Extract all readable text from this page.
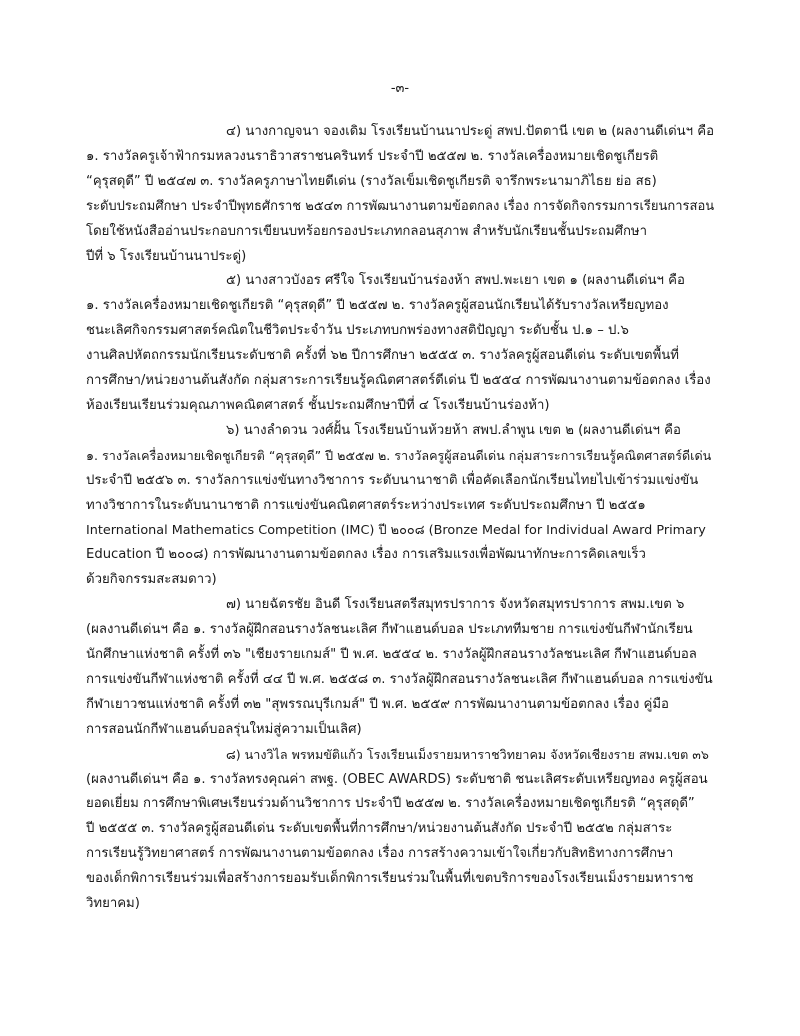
-๓-
๔) นางกาญจนา จองเดิม โรงเรียนบ้านนาประดู่ สพป.ปัตตานี เขต ๒ (ผลงานดีเด่นฯ คือ
๑. รางวัลครูเจ้าฟ้ากรมหลวงนราธิวาสราชนครินทร์ ประจำปี ๒๕๕๗ ๒. รางวัลเครื่องหมายเชิดชูเกียรติ
“คุรุสดุดี” ปี ๒๕๔๗ ๓. รางวัลครูภาษาไทยดีเด่น (รางวัลเข็มเชิดชูเกียรติ จารึกพระนามาภิไธย ย่อ สธ)
ระดับประถมศึกษา ประจำปีพุทธศักราช ๒๕๔๓ การพัฒนางานตามข้อตกลง เรื่อง การจัดกิจกรรมการเรียนการสอน
โดยใช้หนังสืออ่านประกอบการเขียนบทร้อยกรองประเภทกลอนสุภาพ สำหรับนักเรียนชั้นประถมศึกษา
ปีที่ ๖ โรงเรียนบ้านนาประดู่)
๕) นางสาวบังอร ศรีใจ โรงเรียนบ้านร่องห้า สพป.พะเยา เขต ๑ (ผลงานดีเด่นฯ คือ
๑. รางวัลเครื่องหมายเชิดชูเกียรติ “คุรุสดุดี” ปี ๒๕๕๗ ๒. รางวัลครูผู้สอนนักเรียนได้รับรางวัลเหรียญทอง
ชนะเลิศกิจกรรมศาสตร์คณิตในชีวิตประจำวัน ประเภทบกพร่องทางสติปัญญา ระดับชั้น ป.๑ – ป.๖
งานศิลปหัตถกรรมนักเรียนระดับชาติ ครั้งที่ ๖๒ ปีการศึกษา ๒๕๕๕ ๓. รางวัลครูผู้สอนดีเด่น ระดับเขตพื้นที่
การศึกษา/หน่วยงานต้นสังกัด กลุ่มสาระการเรียนรู้คณิตศาสตร์ดีเด่น ปี ๒๕๕๔ การพัฒนางานตามข้อตกลง เรื่อง
ห้องเรียนเรียนร่วมคุณภาพคณิตศาสตร์ ชั้นประถมศึกษาปีที่ ๔ โรงเรียนบ้านร่องห้า)
๖) นางลำดวน วงศ์ฝั้น โรงเรียนบ้านห้วยห้า สพป.ลำพูน เขต ๒ (ผลงานดีเด่นฯ คือ
๑. รางวัลเครื่องหมายเชิดชูเกียรติ “คุรุสดุดี” ปี ๒๕๕๗ ๒. รางวัลครูผู้สอนดีเด่น กลุ่มสาระการเรียนรู้คณิตศาสตร์ดีเด่น
ประจำปี ๒๕๕๖ ๓. รางวัลการแข่งขันทางวิชาการ ระดับนานาชาติ เพื่อคัดเลือกนักเรียนไทยไปเข้าร่วมแข่งขัน
ทางวิชาการในระดับนานาชาติ การแข่งขันคณิตศาสตร์ระหว่างประเทศ ระดับประถมศึกษา ปี ๒๕๕๑
International Mathematics Competition (IMC) ปี ๒๐๐๘ (Bronze Medal for Individual Award Primary
Education ปี ๒๐๐๘) การพัฒนางานตามข้อตกลง เรื่อง การเสริมแรงเพื่อพัฒนาทักษะการคิดเลขเร็ว
ด้วยกิจกรรมสะสมดาว)
๗) นายฉัตรชัย อินดี โรงเรียนสตรีสมุทรปราการ จังหวัดสมุทรปราการ สพม.เขต ๖
(ผลงานดีเด่นฯ คือ ๑. รางวัลผู้ฝึกสอนรางวัลชนะเลิศ กีฬาแฮนด์บอล ประเภททีมชาย การแข่งขันกีฬานักเรียน
นักศึกษาแห่งชาติ ครั้งที่ ๓๖ "เชียงรายเกมส์" ปี พ.ศ. ๒๕๕๔ ๒. รางวัลผู้ฝึกสอนรางวัลชนะเลิศ กีฬาแฮนด์บอล
การแข่งขันกีฬาแห่งชาติ ครั้งที่ ๔๔ ปี พ.ศ. ๒๕๕๘ ๓. รางวัลผู้ฝึกสอนรางวัลชนะเลิศ กีฬาแฮนด์บอล การแข่งขัน
กีฬาเยาวชนแห่งชาติ ครั้งที่ ๓๒ "สุพรรณบุรีเกมส์" ปี พ.ศ. ๒๕๕๙ การพัฒนางานตามข้อตกลง เรื่อง คู่มือ
การสอนนักกีฬาแฮนด์บอลรุ่นใหม่สู่ความเป็นเลิศ)
๘) นางวิไล พรหมขัติแก้ว โรงเรียนเม็งรายมหาราชวิทยาคม จังหวัดเชียงราย สพม.เขต ๓๖
(ผลงานดีเด่นฯ คือ ๑. รางวัลทรงคุณค่า สพฐ. (OBEC AWARDS) ระดับชาติ ชนะเลิศระดับเหรียญทอง ครูผู้สอน
ยอดเยี่ยม การศึกษาพิเศษเรียนร่วมด้านวิชาการ ประจำปี ๒๕๕๗ ๒. รางวัลเครื่องหมายเชิดชูเกียรติ “คุรุสดุดี”
ปี ๒๕๕๕ ๓. รางวัลครูผู้สอนดีเด่น ระดับเขตพื้นที่การศึกษา/หน่วยงานต้นสังกัด ประจำปี ๒๕๕๒ กลุ่มสาระ
การเรียนรู้วิทยาศาสตร์ การพัฒนางานตามข้อตกลง เรื่อง การสร้างความเข้าใจเกี่ยวกับสิทธิทางการศึกษา
ของเด็กพิการเรียนร่วมเพื่อสร้างการยอมรับเด็กพิการเรียนร่วมในพื้นที่เขตบริการของโรงเรียนเม็งรายมหาราช
วิทยาคม)
